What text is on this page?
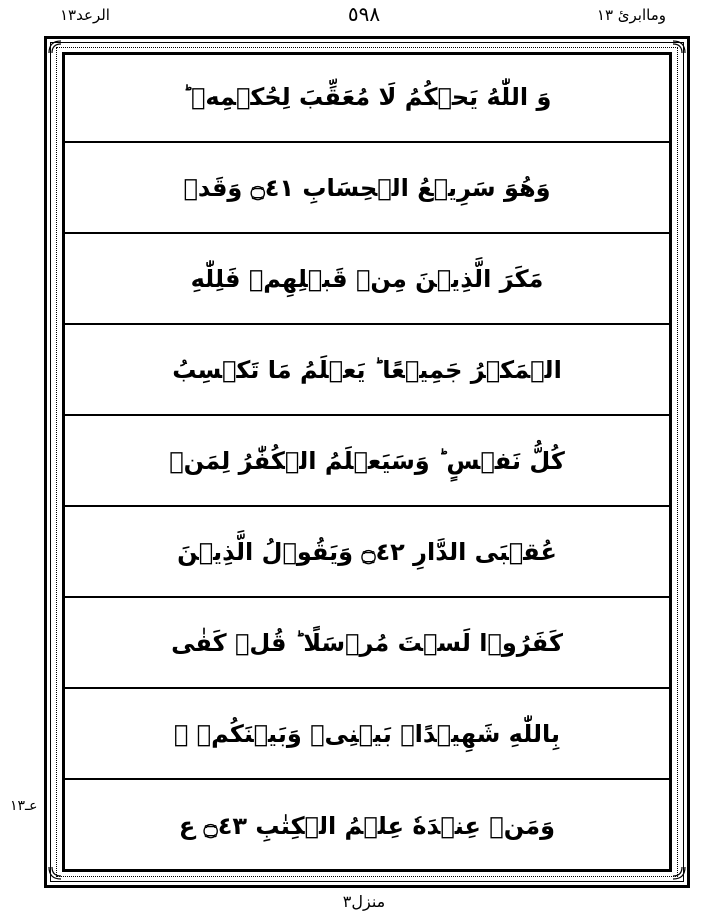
وماابرئ ١٣
٥٩٨
الرعد١٣
وَ اللّٰهُ يَحۡكُمُ لَا مُعَقِّبَ لِحُكۡمِهٖ ؕ
وَهُوَ سَرِيۡعُ الۡحِسَابِ ۝٤١ وَقَدۡ
مَكَرَ الَّذِيۡنَ مِنۡ قَبۡلِهِمۡ فَلِلّٰهِ
الۡمَكۡرُ جَمِيۡعًا ؕ يَعۡلَمُ مَا تَكۡسِبُ
كُلُّ نَفۡسٍ ؕ وَسَيَعۡلَمُ الۡكُفّٰرُ لِمَنۡ
عُقۡبَى الدَّارِ ۝٤٢ وَيَقُوۡلُ الَّذِيۡنَ
كَفَرُوۡا لَسۡتَ مُرۡسَلًا ؕ قُلۡ كَفٰى
بِاللّٰهِ شَهِيۡدًاۢ بَيۡنِىۡ وَبَيۡنَكُمۡ ۙ
وَمَنۡ عِنۡدَهٗ عِلۡمُ الۡكِتٰبِ ۝٤٣ ع
عـ١٣
منزل٣
